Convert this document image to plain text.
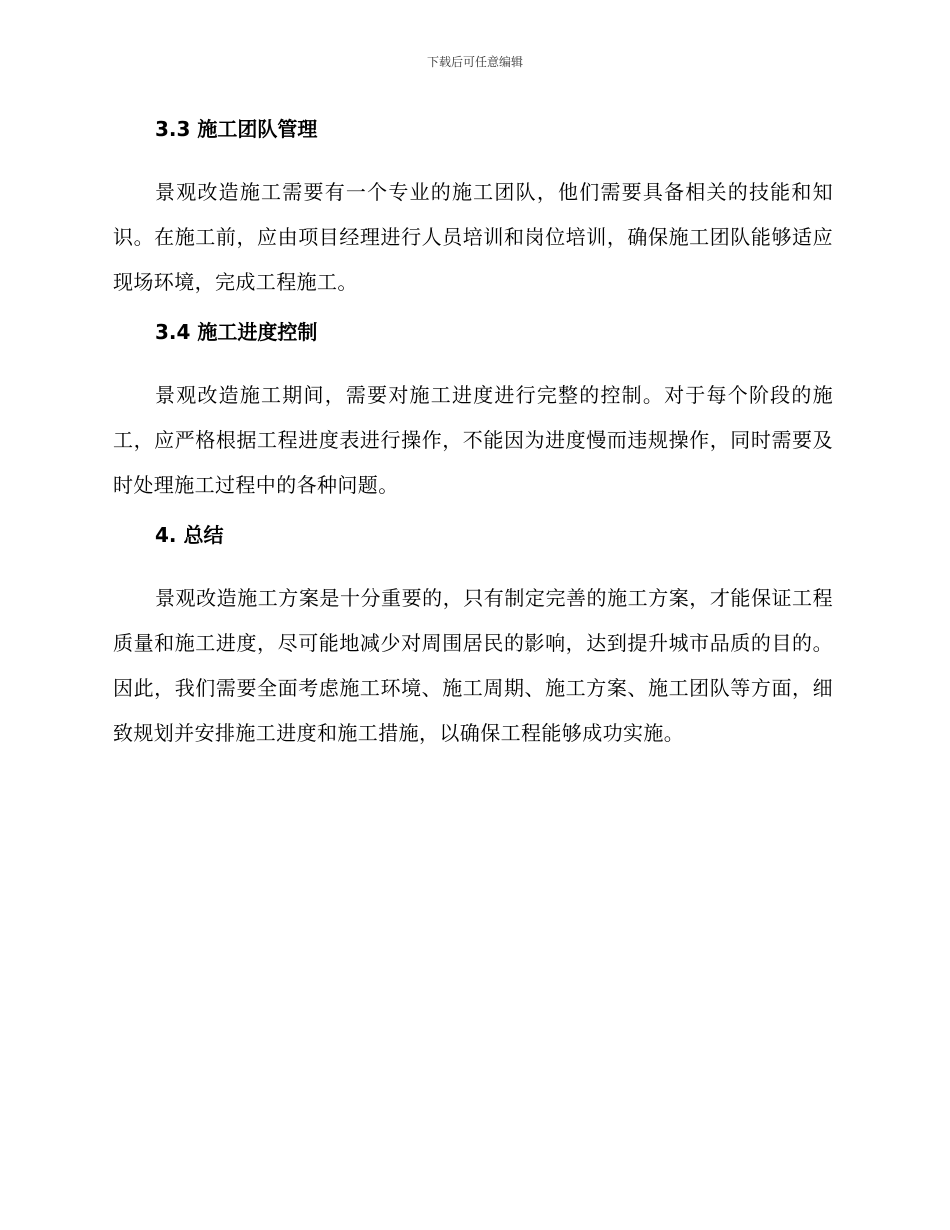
下载后可任意编辑
3.3 施工团队管理

景观改造施工需要有一个专业的施工团队，他们需要具备相关的技能和知识。在施工前，应由项目经理进行人员培训和岗位培训，确保施工团队能够适应现场环境，完成工程施工。

3.4 施工进度控制

景观改造施工期间，需要对施工进度进行完整的控制。对于每个阶段的施工，应严格根据工程进度表进行操作，不能因为进度慢而违规操作，同时需要及时处理施工过程中的各种问题。

4. 总结

景观改造施工方案是十分重要的，只有制定完善的施工方案，才能保证工程质量和施工进度，尽可能地减少对周围居民的影响，达到提升城市品质的目的。因此，我们需要全面考虑施工环境、施工周期、施工方案、施工团队等方面，细致规划并安排施工进度和施工措施，以确保工程能够成功实施。
